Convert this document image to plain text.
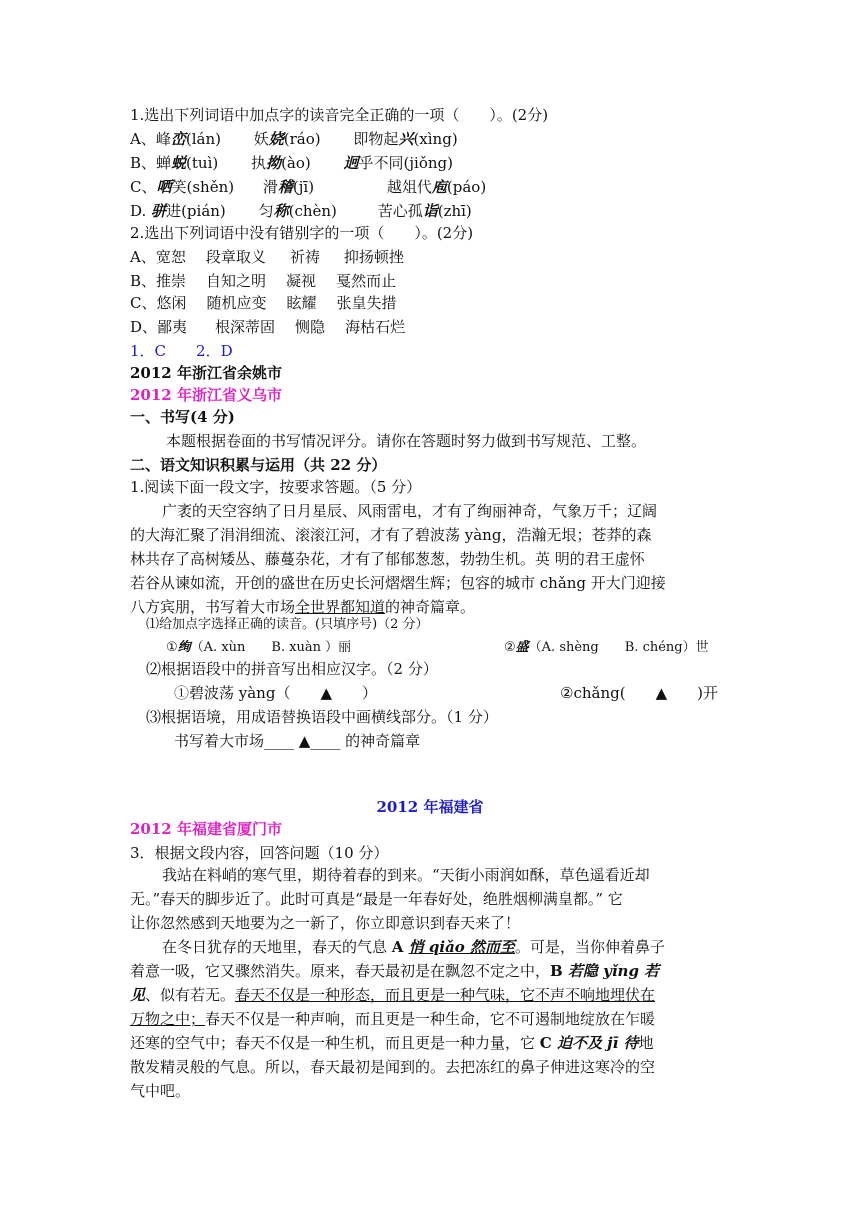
1.选出下列词语中加点字的读音完全正确的一项（　　）。(2分)
A、峰峦(lán) 妖娆(ráo) 即物起兴(xìng)
B、蝉蜕(tuì) 执拗(ào) 迥乎不同(jiǒng)
C、哂笑(shěn) 滑稽(jī)	越俎代庖(páo)
D. 骈进(pián) 匀称(chèn)	苦心孤诣(zhī)
2.选出下列词语中没有错别字的一项（　　）。(2分)
A、宽恕 段章取义 祈祷 抑扬顿挫
B、推崇 自知之明 凝视 戛然而止
C、悠闲 随机应变 眩耀 张皇失措
D、鄙夷 根深蒂固 恻隐 海枯石烂
1．C　　2．D
2012 年浙江省余姚市
2012 年浙江省义乌市
一、书写(4 分)
本题根据卷面的书写情况评分。请你在答题时努力做到书写规范、工整。
二、语文知识积累与运用（共 22 分）
1.阅读下面一段文字，按要求答题。（5 分）
广袤的天空容纳了日月星辰、风雨雷电，才有了绚丽神奇，气象万千；辽阔
的大海汇聚了涓涓细流、滚滚江河，才有了碧波荡 yàng，浩瀚无垠；苍莽的森
林共存了高树矮丛、藤蔓杂花，才有了郁郁葱葱，勃勃生机。英 明的君王虚怀
若谷从谏如流，开创的盛世在历史长河熠熠生辉；包容的城市 chǎng 开大门迎接
八方宾朋，书写着大市场全世界都知道的神奇篇章。
⑴给加点字选择正确的读音。(只填序号)（2 分）
①绚（A. xùn　　B. xuàn ）丽	②盛（A. shèng　　B. chéng）世
⑵根据语段中的拼音写出相应汉字。（2 分）
①碧波荡 yàng（　　▲　　）	②chǎng(　　▲　　)开
⑶根据语境，用成语替换语段中画横线部分。（1 分）
书写着大市场____ ▲____ 的神奇篇章
2012 年福建省
2012 年福建省厦门市
3．根据文段内容，回答问题（10 分）
我站在料峭的寒气里，期待着春的到来。“天街小雨润如酥，草色遥看近却
无。”春天的脚步近了。此时可真是“最是一年春好处，绝胜烟柳满皇都。” 它
让你忽然感到天地要为之一新了，你立即意识到春天来了！
在冬日犹存的天地里，春天的气息 A 悄 qiǎo 然而至。可是，当你伸着鼻子
着意一吸，它又骤然消失。原来，春天最初是在飘忽不定之中，B 若隐 yǐng 若
见、似有若无。春天不仅是一种形态，而且更是一种气味，它不声不响地埋伏在
万物之中；春天不仅是一种声响，而且更是一种生命，它不可遏制地绽放在乍暖
还寒的空气中；春天不仅是一种生机，而且更是一种力量，它 C 迫不及 jī 待地
散发精灵般的气息。所以，春天最初是闻到的。去把冻红的鼻子伸进这寒冷的空
气中吧。
